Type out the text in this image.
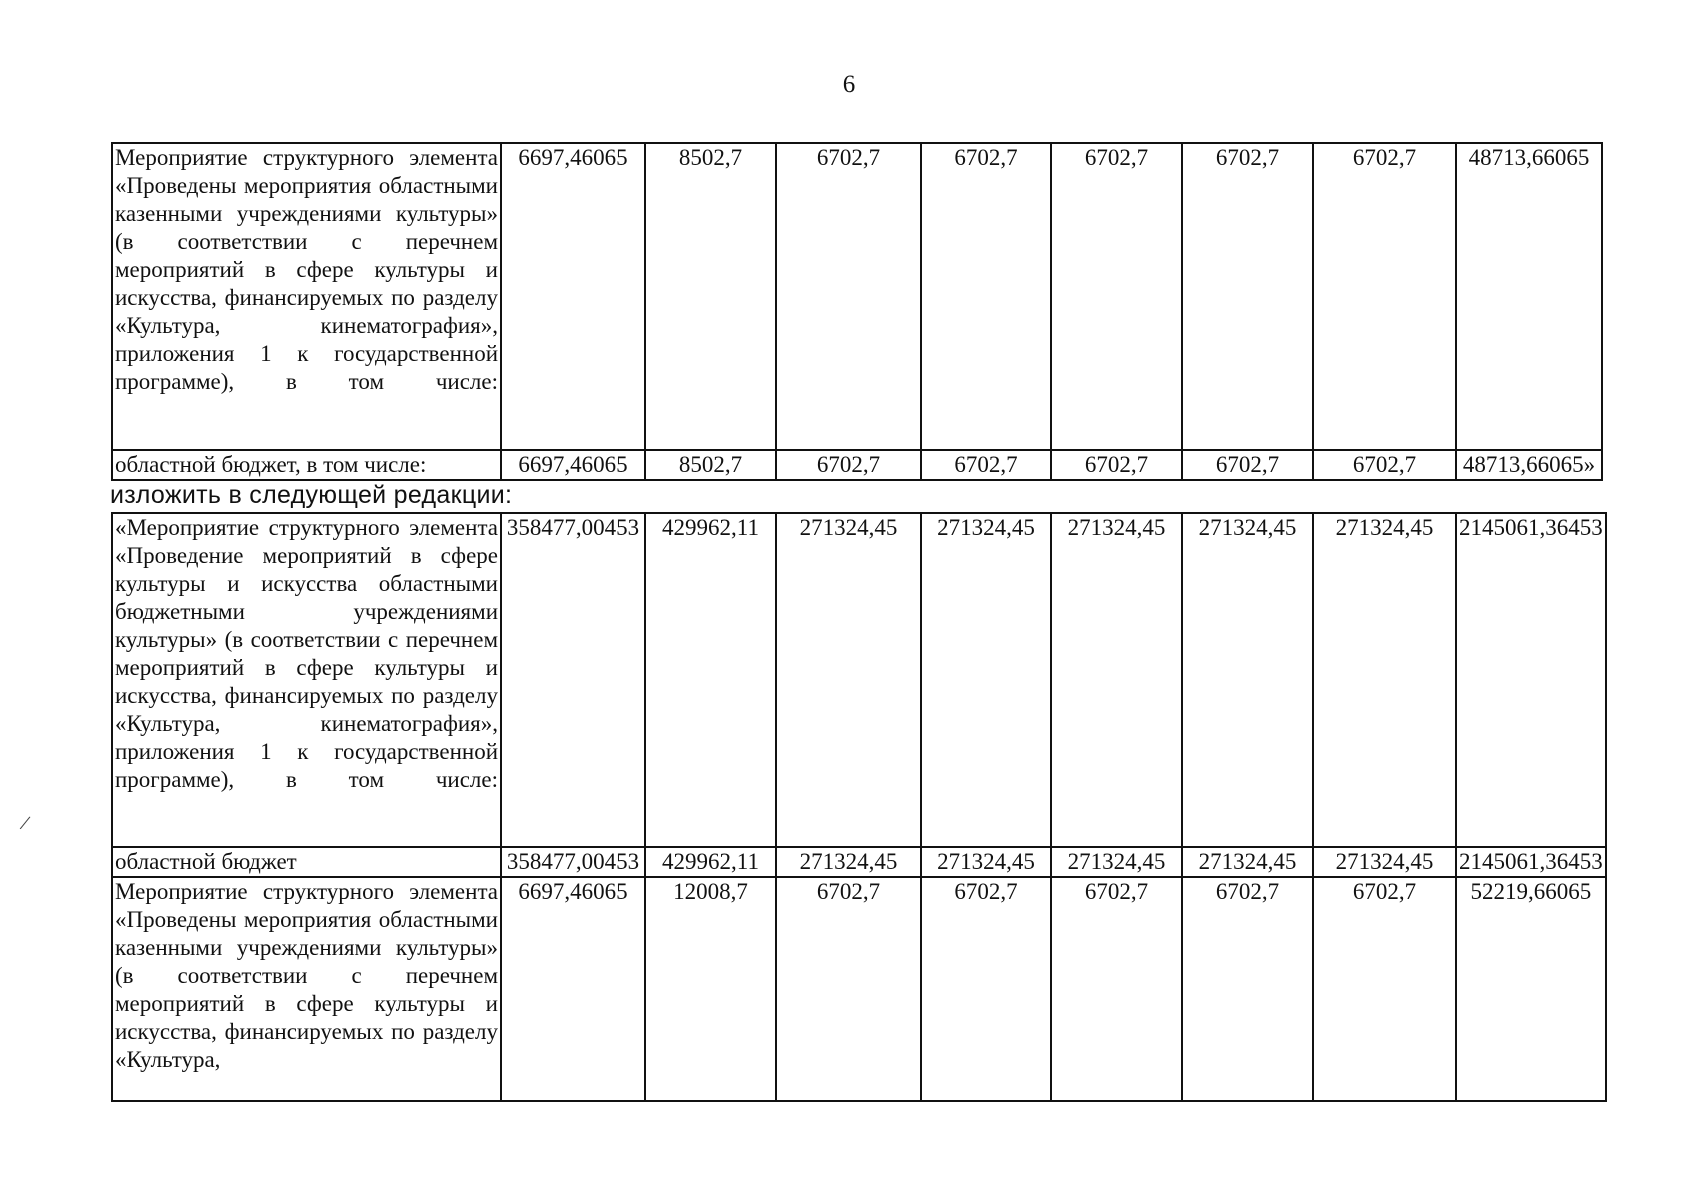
6
Мероприятие структурного элемента «Проведены мероприятия областными казенными учреждениями культуры» (в соответствии с перечнем мероприятий в сфере культуры и искусства, финансируемых по разделу «Культура, кинематография», приложения 1 к государственной программе), в том числе:	6697,46065	8502,7	6702,7	6702,7	6702,7	6702,7	6702,7	48713,66065
областной бюджет, в том числе:	6697,46065	8502,7	6702,7	6702,7	6702,7	6702,7	6702,7	48713,66065»
изложить в следующей редакции:
«Мероприятие структурного элемента «Проведение мероприятий в сфере культуры и искусства областными бюджетными учреждениями культуры» (в соответствии с перечнем мероприятий в сфере культуры и искусства, финансируемых по разделу «Культура, кинематография», приложения 1 к государственной программе), в том числе:	358477,00453	429962,11	271324,45	271324,45	271324,45	271324,45	271324,45	2145061,36453
областной бюджет	358477,00453	429962,11	271324,45	271324,45	271324,45	271324,45	271324,45	2145061,36453
Мероприятие структурного элемента «Проведены мероприятия областными казенными учреждениями культуры» (в соответствии с перечнем мероприятий в сфере культуры и искусства, финансируемых по разделу «Культура,	6697,46065	12008,7	6702,7	6702,7	6702,7	6702,7	6702,7	52219,66065
/
